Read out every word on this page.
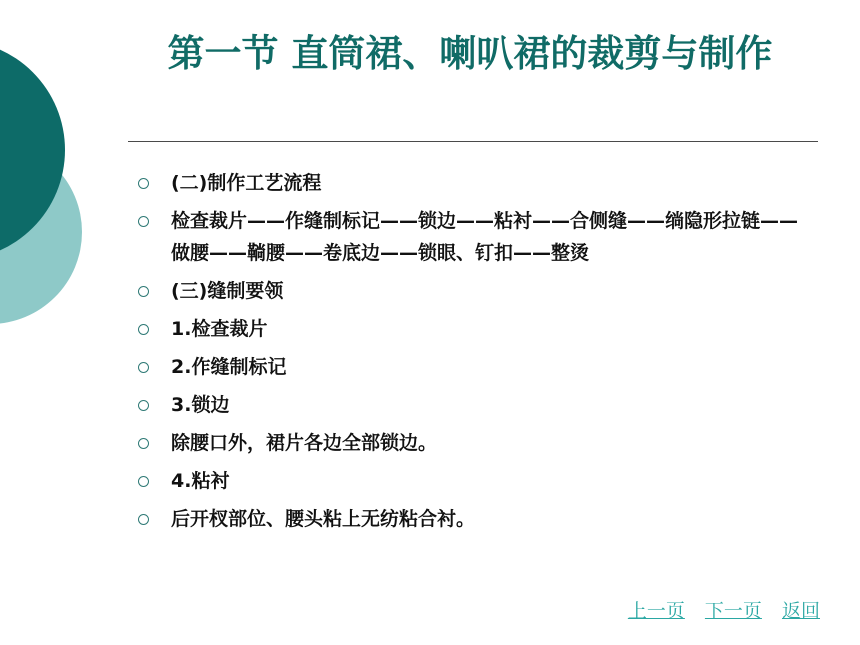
第一节 直筒裙、喇叭裙的裁剪与制作
(二)制作工艺流程
检查裁片——作缝制标记——锁边——粘衬——合侧缝——绱隐形拉链——做腰——鞝腰——卷底边——锁眼、钉扣——整烫
(三)缝制要领
1.检查裁片
2.作缝制标记
3.锁边
除腰口外，裙片各边全部锁边。
4.粘衬
后开杈部位、腰头粘上无纺粘合衬。
上一页 下一页 返回
